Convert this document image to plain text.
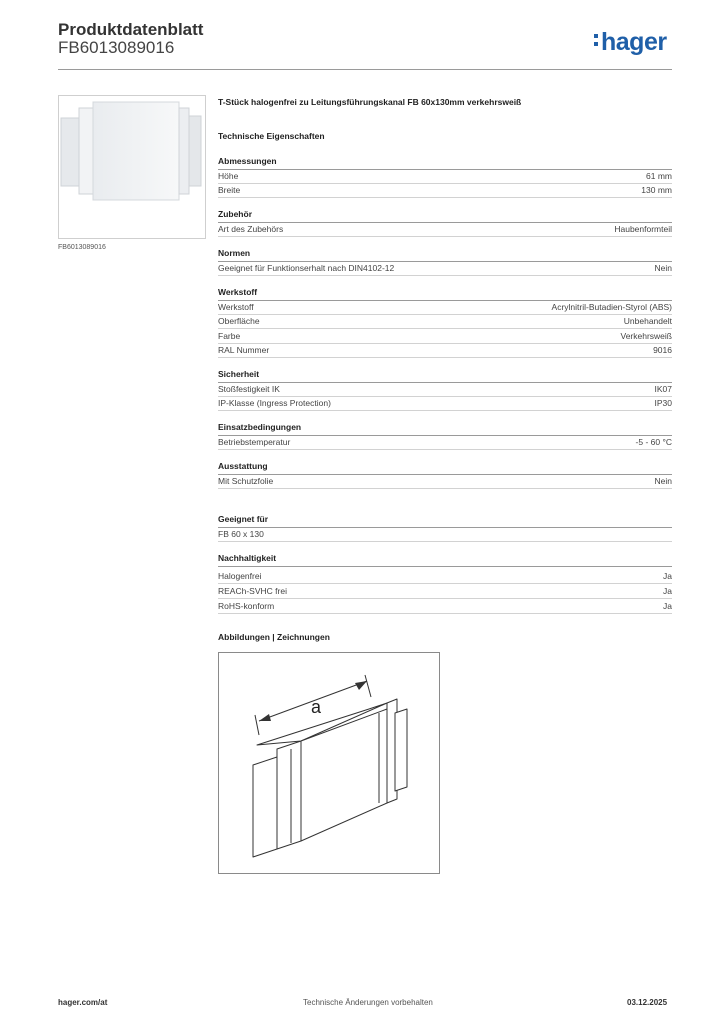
Produktdatenblatt
FB6013089016	hager
FB6013089016
T-Stück halogenfrei zu Leitungsführungskanal FB 60x130mm verkehrsweiß
Technische Eigenschaften
Abmessungen
Höhe	61 mm
Breite	130 mm
Zubehör
Art des Zubehörs	Haubenformteil
Normen
Geeignet für Funktionserhalt nach DIN4102-12	Nein
Werkstoff
Werkstoff	Acrylnitril-Butadien-Styrol (ABS)
Oberfläche	Unbehandelt
Farbe	Verkehrsweiß
RAL Nummer	9016
Sicherheit
Stoßfestigkeit IK	IK07
IP-Klasse (Ingress Protection)	IP30
Einsatzbedingungen
Betriebstemperatur	-5 - 60 °C
Ausstattung
Mit Schutzfolie	Nein
Geeignet für
FB 60 x 130
Nachhaltigkeit
Halogenfrei	Ja
REACh-SVHC frei	Ja
RoHS-konform	Ja
Abbildungen | Zeichnungen
a
hager.com/at	Technische Änderungen vorbehalten	03.12.2025
